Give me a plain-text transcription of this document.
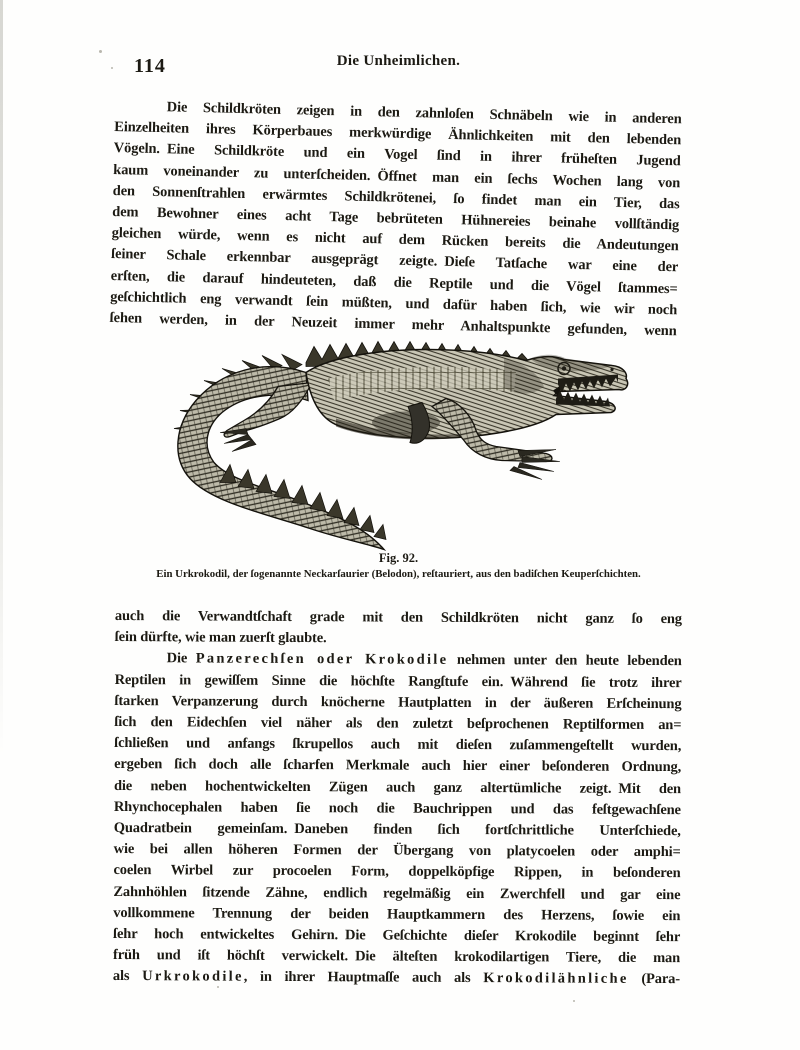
114	Die Unheimlichen.
Die Schildkröten zeigen in den zahnloſen Schnäbeln wie in anderen
Einzelheiten ihres Körperbaues merkwürdige Ähnlichkeiten mit den lebenden
Vögeln. Eine Schildkröte und ein Vogel ſind in ihrer früheſten Jugend
kaum voneinander zu unterſcheiden. Öffnet man ein ſechs Wochen lang von
den Sonnenſtrahlen erwärmtes Schildkrötenei, ſo findet man ein Tier, das
dem Bewohner eines acht Tage bebrüteten Hühnereies beinahe vollſtändig
gleichen würde, wenn es nicht auf dem Rücken bereits die Andeutungen
ſeiner Schale erkennbar ausgeprägt zeigte. Dieſe Tatſache war eine der
erſten, die darauf hindeuteten, daß die Reptile und die Vögel ſtammes=
geſchichtlich eng verwandt ſein müßten, und dafür haben ſich, wie wir noch
ſehen werden, in der Neuzeit immer mehr Anhaltspunkte gefunden, wenn
Fig. 92.
Ein Urkrokodil, der ſogenannte Neckarſaurier (Belodon), reſtauriert, aus den badiſchen Keuperſchichten.
auch die Verwandtſchaft grade mit den Schildkröten nicht ganz ſo eng
ſein dürfte, wie man zuerſt glaubte.
Die Panzerechſen oder Krokodile nehmen unter den heute lebenden
Reptilen in gewiſſem Sinne die höchſte Rangſtufe ein. Während ſie trotz ihrer
ſtarken Verpanzerung durch knöcherne Hautplatten in der äußeren Erſcheinung
ſich den Eidechſen viel näher als den zuletzt beſprochenen Reptilformen an=
ſchließen und anfangs ſkrupellos auch mit dieſen zuſammengeſtellt wurden,
ergeben ſich doch alle ſcharfen Merkmale auch hier einer beſonderen Ordnung,
die neben hochentwickelten Zügen auch ganz altertümliche zeigt. Mit den
Rhynchocephalen haben ſie noch die Bauchrippen und das feſtgewachſene
Quadratbein gemeinſam. Daneben finden ſich fortſchrittliche Unterſchiede,
wie bei allen höheren Formen der Übergang von platycoelen oder amphi=
coelen Wirbel zur procoelen Form, doppelköpfige Rippen, in beſonderen
Zahnhöhlen ſitzende Zähne, endlich regelmäßig ein Zwerchfell und gar eine
vollkommene Trennung der beiden Hauptkammern des Herzens, ſowie ein
ſehr hoch entwickeltes Gehirn. Die Geſchichte dieſer Krokodile beginnt ſehr
früh und iſt höchſt verwickelt. Die älteſten krokodilartigen Tiere, die man
als Urkrokodile, in ihrer Hauptmaſſe auch als Krokodilähnliche (Para-
